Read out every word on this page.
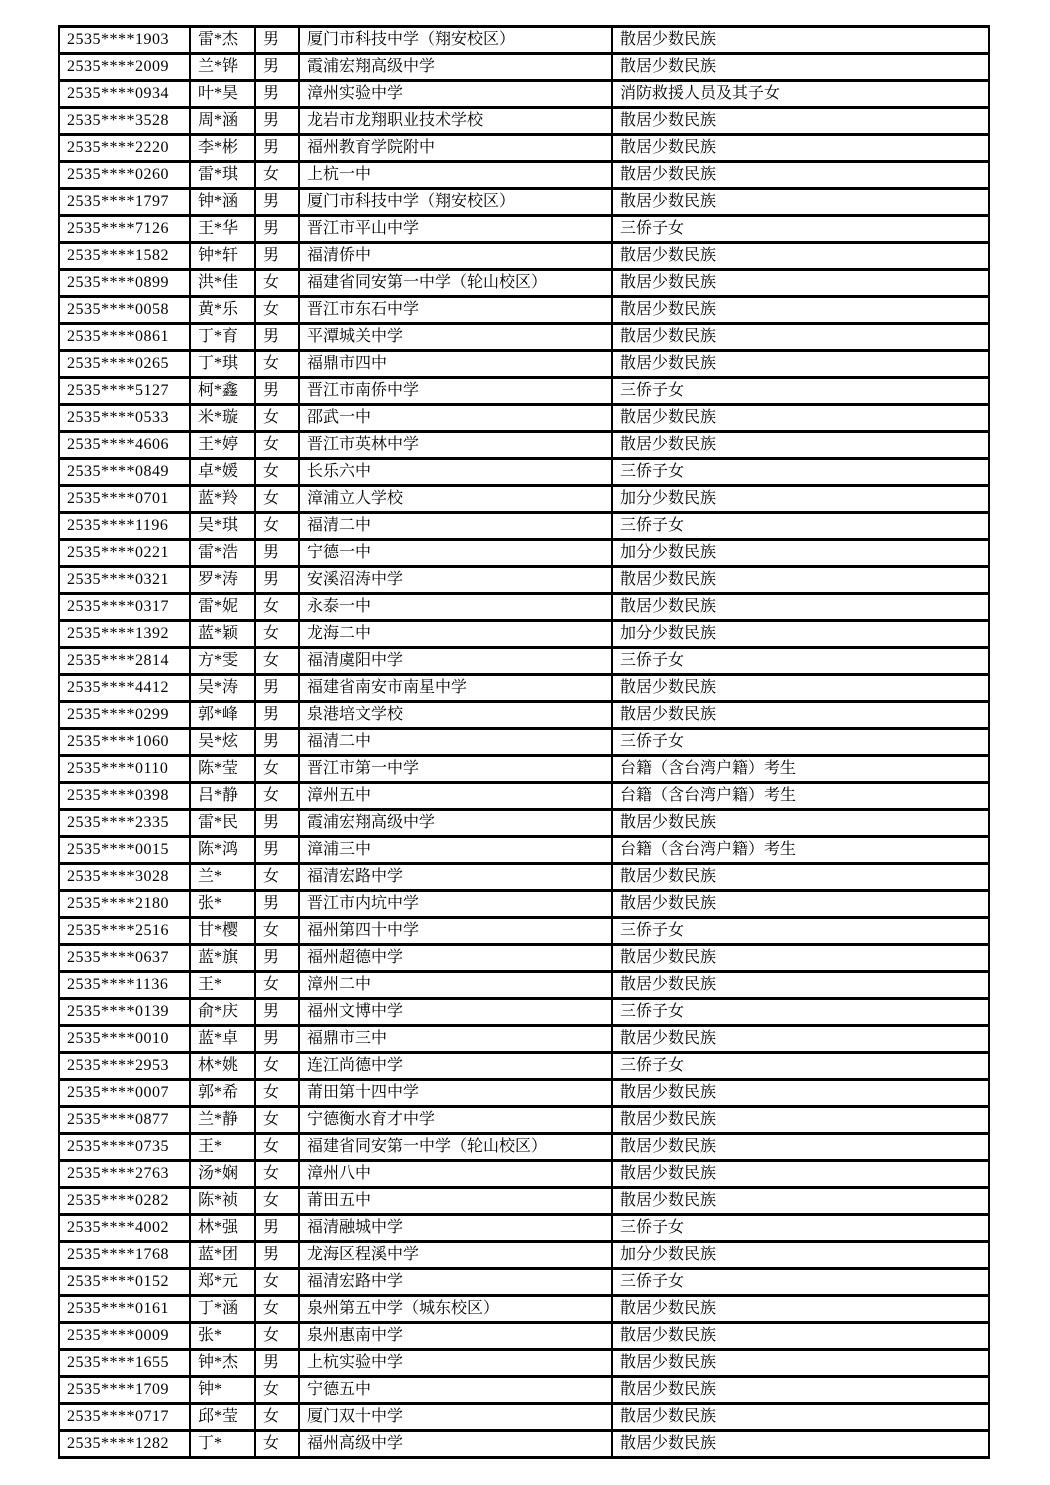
2535****1903	雷*杰	男	厦门市科技中学（翔安校区）	散居少数民族
2535****2009	兰*铧	男	霞浦宏翔高级中学	散居少数民族
2535****0934	叶*昊	男	漳州实验中学	消防救援人员及其子女
2535****3528	周*涵	男	龙岩市龙翔职业技术学校	散居少数民族
2535****2220	李*彬	男	福州教育学院附中	散居少数民族
2535****0260	雷*琪	女	上杭一中	散居少数民族
2535****1797	钟*涵	男	厦门市科技中学（翔安校区）	散居少数民族
2535****7126	王*华	男	晋江市平山中学	三侨子女
2535****1582	钟*轩	男	福清侨中	散居少数民族
2535****0899	洪*佳	女	福建省同安第一中学（轮山校区）	散居少数民族
2535****0058	黄*乐	女	晋江市东石中学	散居少数民族
2535****0861	丁*育	男	平潭城关中学	散居少数民族
2535****0265	丁*琪	女	福鼎市四中	散居少数民族
2535****5127	柯*鑫	男	晋江市南侨中学	三侨子女
2535****0533	米*璇	女	邵武一中	散居少数民族
2535****4606	王*婷	女	晋江市英林中学	散居少数民族
2535****0849	卓*媛	女	长乐六中	三侨子女
2535****0701	蓝*羚	女	漳浦立人学校	加分少数民族
2535****1196	吴*琪	女	福清二中	三侨子女
2535****0221	雷*浩	男	宁德一中	加分少数民族
2535****0321	罗*涛	男	安溪沼涛中学	散居少数民族
2535****0317	雷*妮	女	永泰一中	散居少数民族
2535****1392	蓝*颖	女	龙海二中	加分少数民族
2535****2814	方*雯	女	福清虞阳中学	三侨子女
2535****4412	吴*涛	男	福建省南安市南星中学	散居少数民族
2535****0299	郭*峰	男	泉港培文学校	散居少数民族
2535****1060	吴*炫	男	福清二中	三侨子女
2535****0110	陈*莹	女	晋江市第一中学	台籍（含台湾户籍）考生
2535****0398	吕*静	女	漳州五中	台籍（含台湾户籍）考生
2535****2335	雷*民	男	霞浦宏翔高级中学	散居少数民族
2535****0015	陈*鸿	男	漳浦三中	台籍（含台湾户籍）考生
2535****3028	兰*	女	福清宏路中学	散居少数民族
2535****2180	张*	男	晋江市内坑中学	散居少数民族
2535****2516	甘*樱	女	福州第四十中学	三侨子女
2535****0637	蓝*旗	男	福州超德中学	散居少数民族
2535****1136	王*	女	漳州二中	散居少数民族
2535****0139	俞*庆	男	福州文博中学	三侨子女
2535****0010	蓝*卓	男	福鼎市三中	散居少数民族
2535****2953	林*姚	女	连江尚德中学	三侨子女
2535****0007	郭*希	女	莆田第十四中学	散居少数民族
2535****0877	兰*静	女	宁德衡水育才中学	散居少数民族
2535****0735	王*	女	福建省同安第一中学（轮山校区）	散居少数民族
2535****2763	汤*娴	女	漳州八中	散居少数民族
2535****0282	陈*祯	女	莆田五中	散居少数民族
2535****4002	林*强	男	福清融城中学	三侨子女
2535****1768	蓝*团	男	龙海区程溪中学	加分少数民族
2535****0152	郑*元	女	福清宏路中学	三侨子女
2535****0161	丁*涵	女	泉州第五中学（城东校区）	散居少数民族
2535****0009	张*	女	泉州惠南中学	散居少数民族
2535****1655	钟*杰	男	上杭实验中学	散居少数民族
2535****1709	钟*	女	宁德五中	散居少数民族
2535****0717	邱*莹	女	厦门双十中学	散居少数民族
2535****1282	丁*	女	福州高级中学	散居少数民族
